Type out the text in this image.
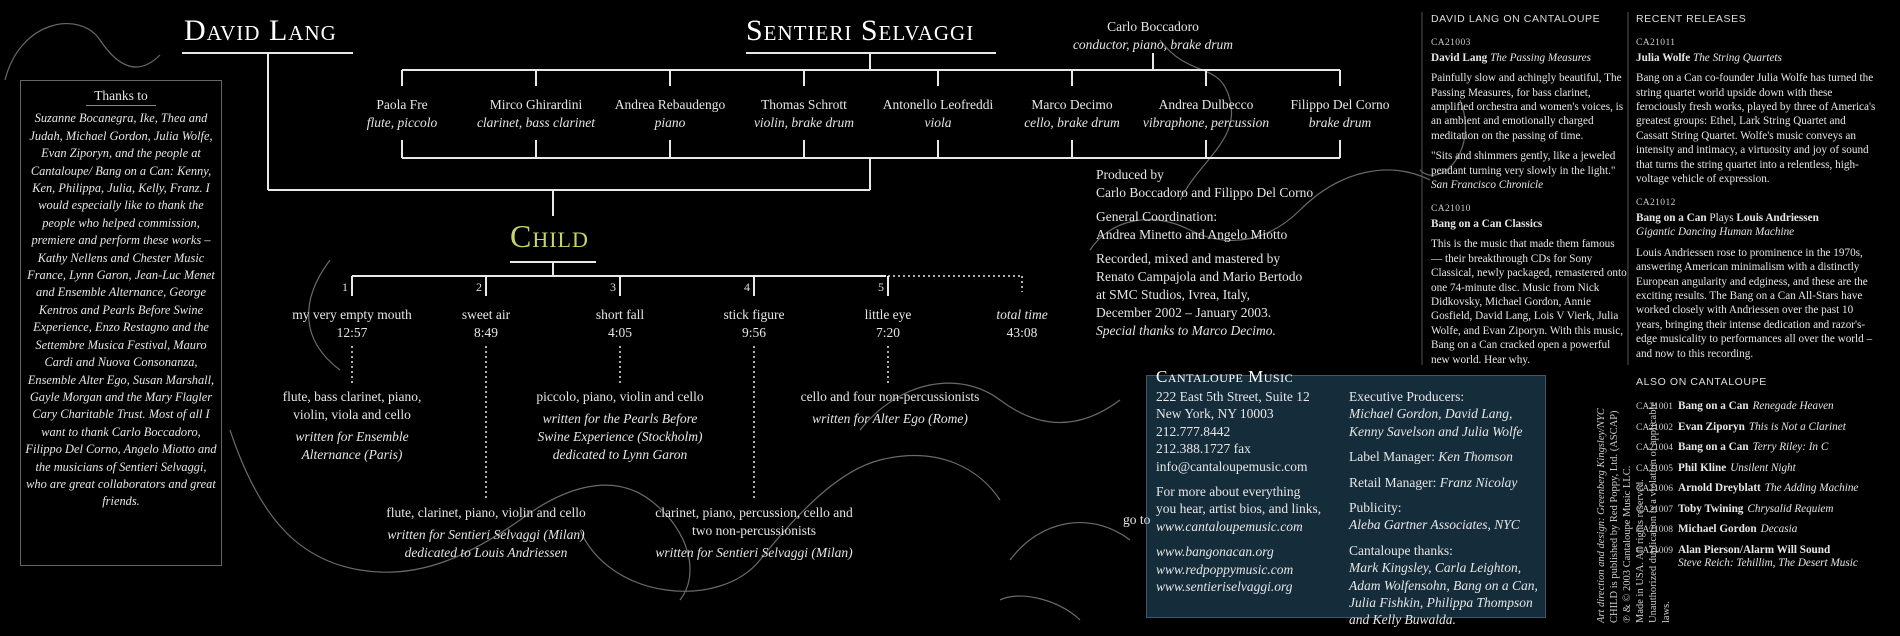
David Lang	Sentieri Selvaggi
Child
Thanks to
Suzanne Bocanegra, Ike, Thea and Judah, Michael Gordon, Julia Wolfe, Evan Ziporyn, and the people at Cantaloupe/ Bang on a Can: Kenny, Ken, Philippa, Julia, Kelly, Franz. I would especially like to thank the people who helped commission, premiere and perform these works – Kathy Nellens and Chester Music France, Lynn Garon, Jean-Luc Menet and Ensemble Alternance, George Kentros and Pearls Before Swine Experience, Enzo Restagno and the Settembre Musica Festival, Mauro Cardi and Nuova Consonanza, Ensemble Alter Ego, Susan Marshall, Gayle Morgan and the Mary Flagler Cary Charitable Trust. Most of all I want to thank Carlo Boccadoro, Filippo Del Corno, Angelo Miotto and the musicians of Sentieri Selvaggi, who are great collaborators and great friends.
Carlo Boccadoro
conductor, piano, brake drum
Paola Fre
flute, piccolo
Mirco Ghirardini
clarinet, bass clarinet
Andrea Rebaudengo
piano
Thomas Schrott
violin, brake drum
Antonello Leofreddi
viola
Marco Decimo
cello, brake drum
Andrea Dulbecco
vibraphone, percussion
Filippo Del Corno
brake drum
1	2	3	4	5
my very empty mouth
12:57
sweet air
8:49
short fall
4:05
stick figure
9:56
little eye
7:20
total time
43:08
flute, bass clarinet, piano, violin, viola and cello
written for Ensemble Alternance (Paris)
flute, clarinet, piano, violin and cello
written for Sentieri Selvaggi (Milan)
dedicated to Louis Andriessen
piccolo, piano, violin and cello
written for the Pearls Before Swine Experience (Stockholm)
dedicated to Lynn Garon
clarinet, piano, percussion, cello and two non-percussionists
written for Sentieri Selvaggi (Milan)
cello and four non-percussionists
written for Alter Ego (Rome)

Produced by
Carlo Boccadoro and Filippo Del Corno

General Coordination:
Andrea Minetto and Angelo Miotto

Recorded, mixed and mastered by
Renato Campajola and Mario Bertodo
at SMC Studios, Ivrea, Italy,
December 2002 – January 2003.
Special thanks to Marco Decimo.

Cantaloupe Music

222 East 5th Street, Suite 12
New York, NY 10003
212.777.8442
212.388.1727 fax
info@cantaloupemusic.com

For more about everything
you hear, artist bios, and links,
www.cantaloupemusic.com

www.bangonacan.org
www.redpoppymusic.com
www.sentieriselvaggi.org

go to

Executive Producers:
Michael Gordon, David Lang, Kenny Savelson and Julia Wolfe

Label Manager: Ken Thomson

Retail Manager: Franz Nicolay

Publicity:
Aleba Gartner Associates, NYC

Cantaloupe thanks:
Mark Kingsley, Carla Leighton, Adam Wolfensohn, Bang on a Can, Julia Fishkin, Philippa Thompson and Kelly Buwalda.	Art direction and design: Greenberg Kingsley/NYC CHILD is published by Red Poppy, Ltd. (ASCAP) ℗ & © 2003 Cantaloupe Music LLC. Made in USA. All rights reserved. Unauthorized duplication is a violation of applicable laws.
DAVID LANG ON CANTALOUPE
CA21003
David Lang The Passing Measures
Painfully slow and achingly beautiful, The Passing Measures, for bass clarinet, amplified orchestra and women's voices, is an ambient and emotionally charged meditation on the passing of time.
"Sits and shimmers gently, like a jeweled pendant turning very slowly in the light."
San Francisco Chronicle
CA21010
Bang on a Can Classics
This is the music that made them famous — their breakthrough CDs for Sony Classical, newly packaged, remastered onto one 74-minute disc. Music from Nick Didkovsky, Michael Gordon, Annie Gosfield, David Lang, Lois V Vierk, Julia Wolfe, and Evan Ziporyn. With this music, Bang on a Can cracked open a powerful new world. Hear why.
RECENT RELEASES
CA21011
Julia Wolfe The String Quartets
Bang on a Can co-founder Julia Wolfe has turned the string quartet world upside down with these ferociously fresh works, played by three of America's greatest groups: Ethel, Lark String Quartet and Cassatt String Quartet. Wolfe's music conveys an intensity and intimacy, a virtuosity and joy of sound that turns the string quartet into a relentless, high-voltage vehicle of expression.
CA21012
Bang on a Can Plays Louis Andriessen
Gigantic Dancing Human Machine
Louis Andriessen rose to prominence in the 1970s, answering American minimalism with a distinctly European angularity and edginess, and these are the exciting results. The Bang on a Can All-Stars have worked closely with Andriessen over the past 10 years, bringing their intense dedication and razor's-edge musicality to performances all over the world – and now to this recording.
ALSO ON CANTALOUPE
CA21001 Bang on a Can Renegade Heaven
CA21002 Evan Ziporyn This is Not a Clarinet
CA21004 Bang on a Can Terry Riley: In C
CA21005 Phil Kline Unsilent Night
CA21006 Arnold Dreyblatt The Adding Machine
CA21007 Toby Twining Chrysalid Requiem
CA21008 Michael Gordon Decasia
CA21009 Alan Pierson/Alarm Will Sound
Steve Reich: Tehillim, The Desert Music
